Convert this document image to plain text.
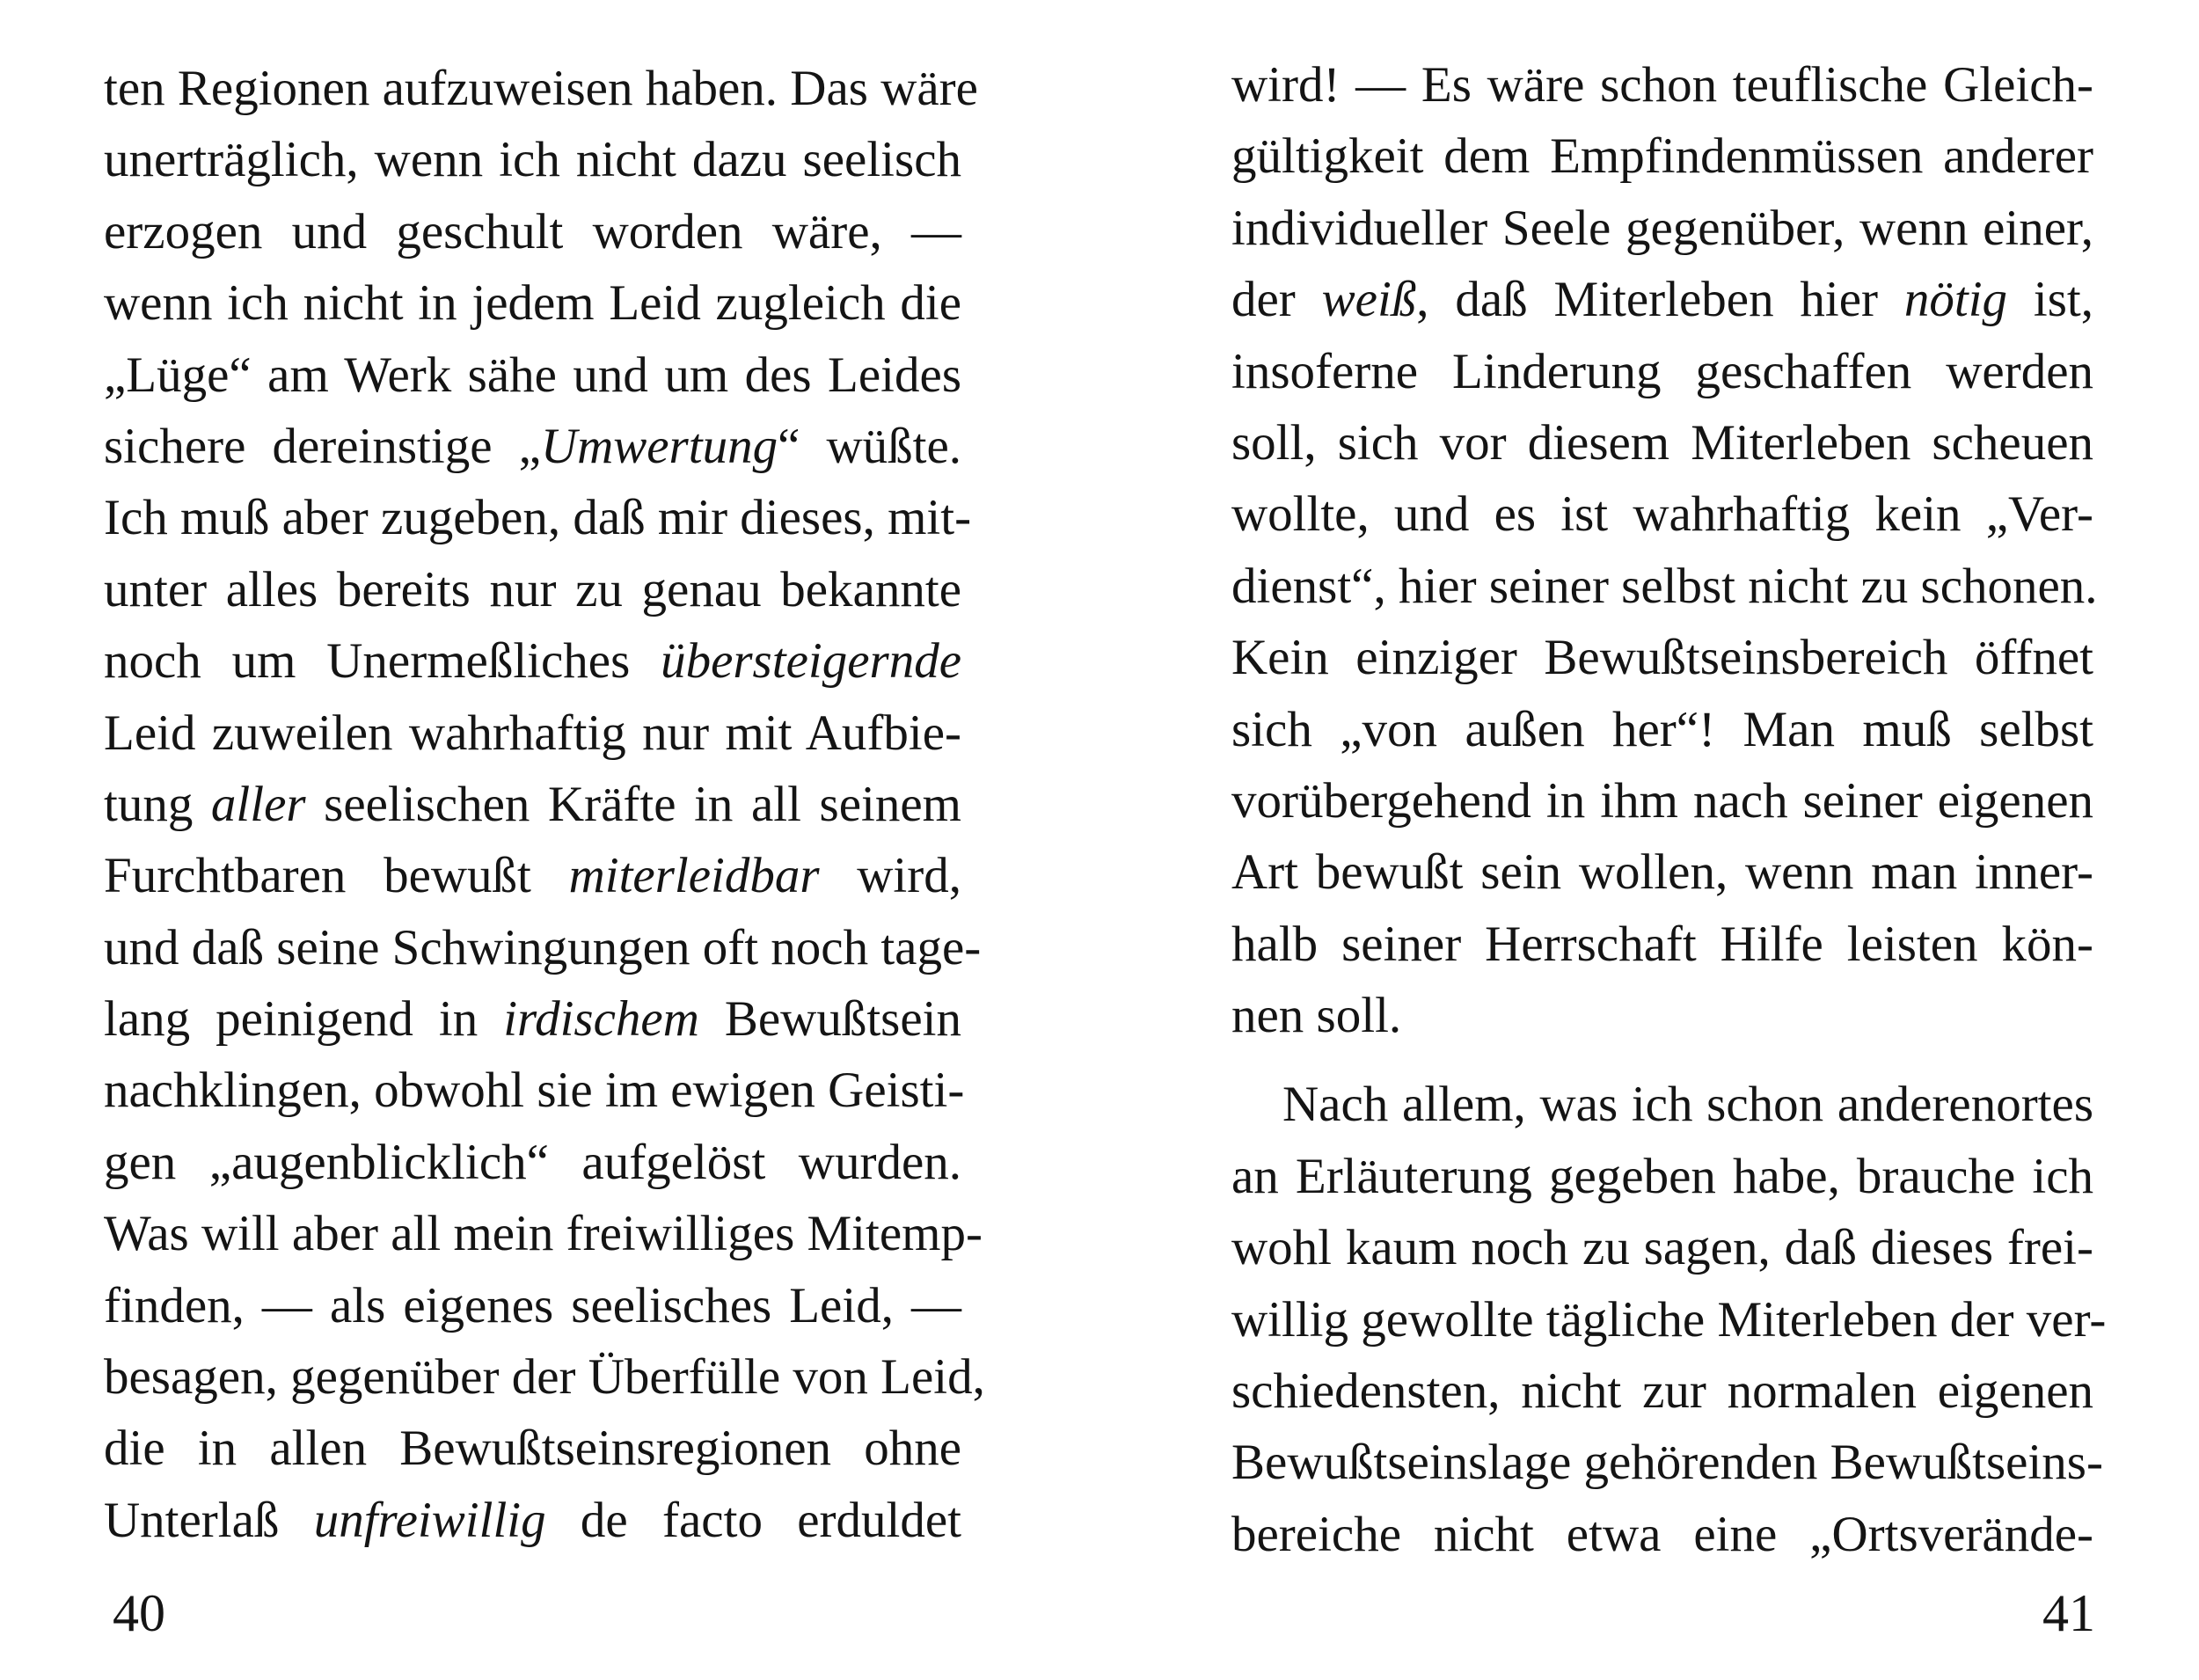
ten Regionen aufzuweisen haben. Das wäre
unerträglich, wenn ich nicht dazu seelisch
erzogen und geschult worden wäre, —
wenn ich nicht in jedem Leid zugleich die
„Lüge“ am Werk sähe und um des Leides
sichere dereinstige „Umwertung“ wüßte.
Ich muß aber zugeben, daß mir dieses, mit-
unter alles bereits nur zu genau bekannte
noch um Unermeßliches übersteigernde
Leid zuweilen wahrhaftig nur mit Aufbie-
tung aller seelischen Kräfte in all seinem
Furchtbaren bewußt miterleidbar wird,
und daß seine Schwingungen oft noch tage-
lang peinigend in irdischem Bewußtsein
nachklingen, obwohl sie im ewigen Geisti-
gen „augenblicklich“ aufgelöst wurden.
Was will aber all mein freiwilliges Mitemp-
finden, — als eigenes seelisches Leid, —
besagen, gegenüber der Überfülle von Leid,
die in allen Bewußtseinsregionen ohne
Unterlaß unfreiwillig de facto erduldet
40
wird! — Es wäre schon teuflische Gleich-
gültigkeit dem Empfindenmüssen anderer
individueller Seele gegenüber, wenn einer,
der weiß, daß Miterleben hier nötig ist,
insoferne Linderung geschaffen werden
soll, sich vor diesem Miterleben scheuen
wollte, und es ist wahrhaftig kein „Ver-
dienst“, hier seiner selbst nicht zu schonen.
Kein einziger Bewußtseinsbereich öffnet
sich „von außen her“! Man muß selbst
vorübergehend in ihm nach seiner eigenen
Art bewußt sein wollen, wenn man inner-
halb seiner Herrschaft Hilfe leisten kön-
nen soll.
Nach allem, was ich schon anderenortes
an Erläuterung gegeben habe, brauche ich
wohl kaum noch zu sagen, daß dieses frei-
willig gewollte tägliche Miterleben der ver-
schiedensten, nicht zur normalen eigenen
Bewußtseinslage gehörenden Bewußtseins-
bereiche nicht etwa eine „Ortsverände-
41
